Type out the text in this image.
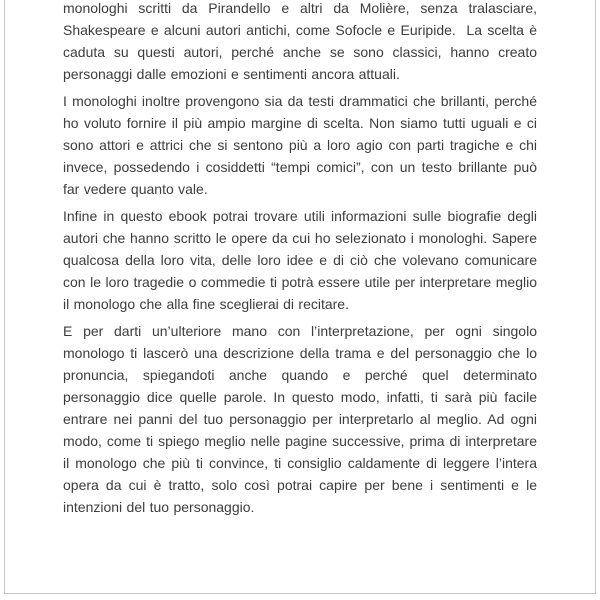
monologhi scritti da Pirandello e altri da Molière, senza tralasciare, Shakespeare e alcuni autori antichi, come Sofocle e Euripide.  La scelta è caduta su questi autori, perché anche se sono classici, hanno creato personaggi dalle emozioni e sentimenti ancora attuali.

I monologhi inoltre provengono sia da testi drammatici che brillanti, perché ho voluto fornire il più ampio margine di scelta. Non siamo tutti uguali e ci sono attori e attrici che si sentono più a loro agio con parti tragiche e chi invece, possedendo i cosiddetti “tempi comici”, con un testo brillante può far vedere quanto vale.

Infine in questo ebook potrai trovare utili informazioni sulle biografie degli autori che hanno scritto le opere da cui ho selezionato i monologhi. Sapere qualcosa della loro vita, delle loro idee e di ciò che volevano comunicare con le loro tragedie o commedie ti potrà essere utile per interpretare meglio il monologo che alla fine sceglierai di recitare.

E per darti un’ulteriore mano con l’interpretazione, per ogni singolo monologo ti lascerò una descrizione della trama e del personaggio che lo pronuncia, spiegandoti anche quando e perché quel determinato personaggio dice quelle parole. In questo modo, infatti, ti sarà più facile entrare nei panni del tuo personaggio per interpretarlo al meglio. Ad ogni modo, come ti spiego meglio nelle pagine successive, prima di interpretare il monologo che più ti convince, ti consiglio caldamente di leggere l’intera opera da cui è tratto, solo così potrai capire per bene i sentimenti e le intenzioni del tuo personaggio.
